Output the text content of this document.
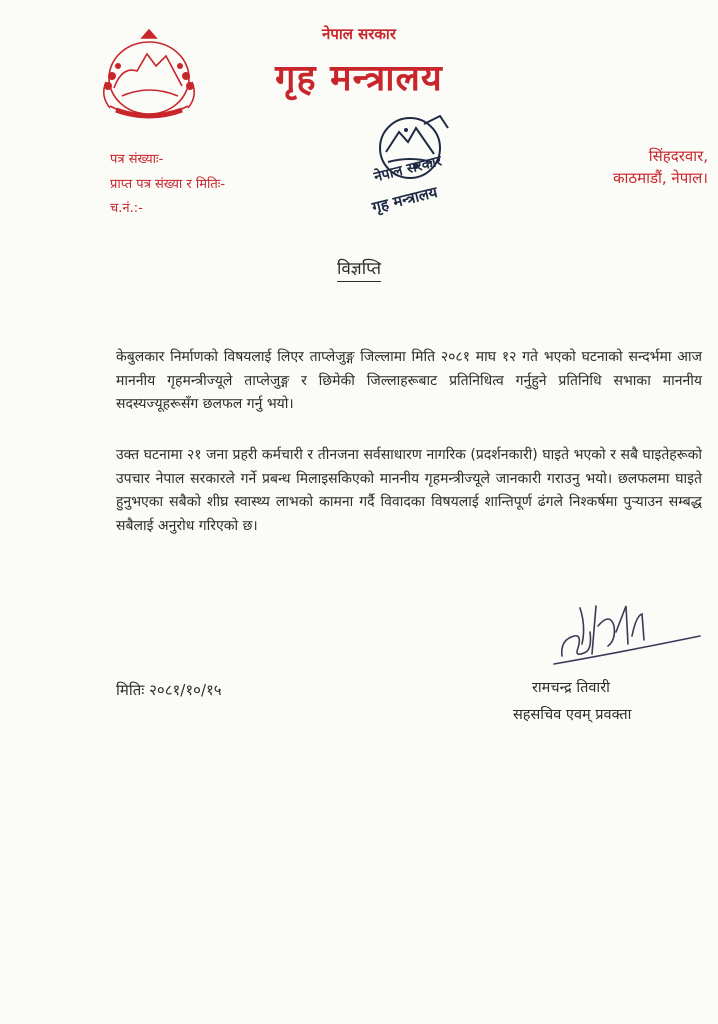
नेपाल सरकार
गृह मन्त्रालय
नेपाल सरकार
गृह मन्त्रालय
पत्र संख्याः-
प्राप्त पत्र संख्या र मितिः-
च.नं.:-
सिंहदरवार,
काठमाडौं, नेपाल।
विज्ञप्ति
केबुलकार निर्माणको विषयलाई लिएर ताप्लेजुङ्ग जिल्लामा मिति २०८१ माघ १२ गते भएको घटनाको सन्दर्भमा आज माननीय गृहमन्त्रीज्यूले ताप्लेजुङ्ग र छिमेकी जिल्लाहरूबाट प्रतिनिधित्व गर्नुहुने प्रतिनिधि सभाका माननीय सदस्यज्यूहरूसँग छलफल गर्नु भयो।
उक्त घटनामा २१ जना प्रहरी कर्मचारी र तीनजना सर्वसाधारण नागरिक (प्रदर्शनकारी) घाइते भएको र सबै घाइतेहरूको उपचार नेपाल सरकारले गर्ने प्रबन्ध मिलाइसकिएको माननीय गृहमन्त्रीज्यूले जानकारी गराउनु भयो। छलफलमा घाइते हुनुभएका सबैको शीघ्र स्वास्थ्य लाभको कामना गर्दै विवादका विषयलाई शान्तिपूर्ण ढंगले निश्कर्षमा पुऱ्याउन सम्बद्ध सबैलाई अनुरोध गरिएको छ।
मितिः २०८१/१०/१५	रामचन्द्र तिवारी
सहसचिव एवम् प्रवक्ता
